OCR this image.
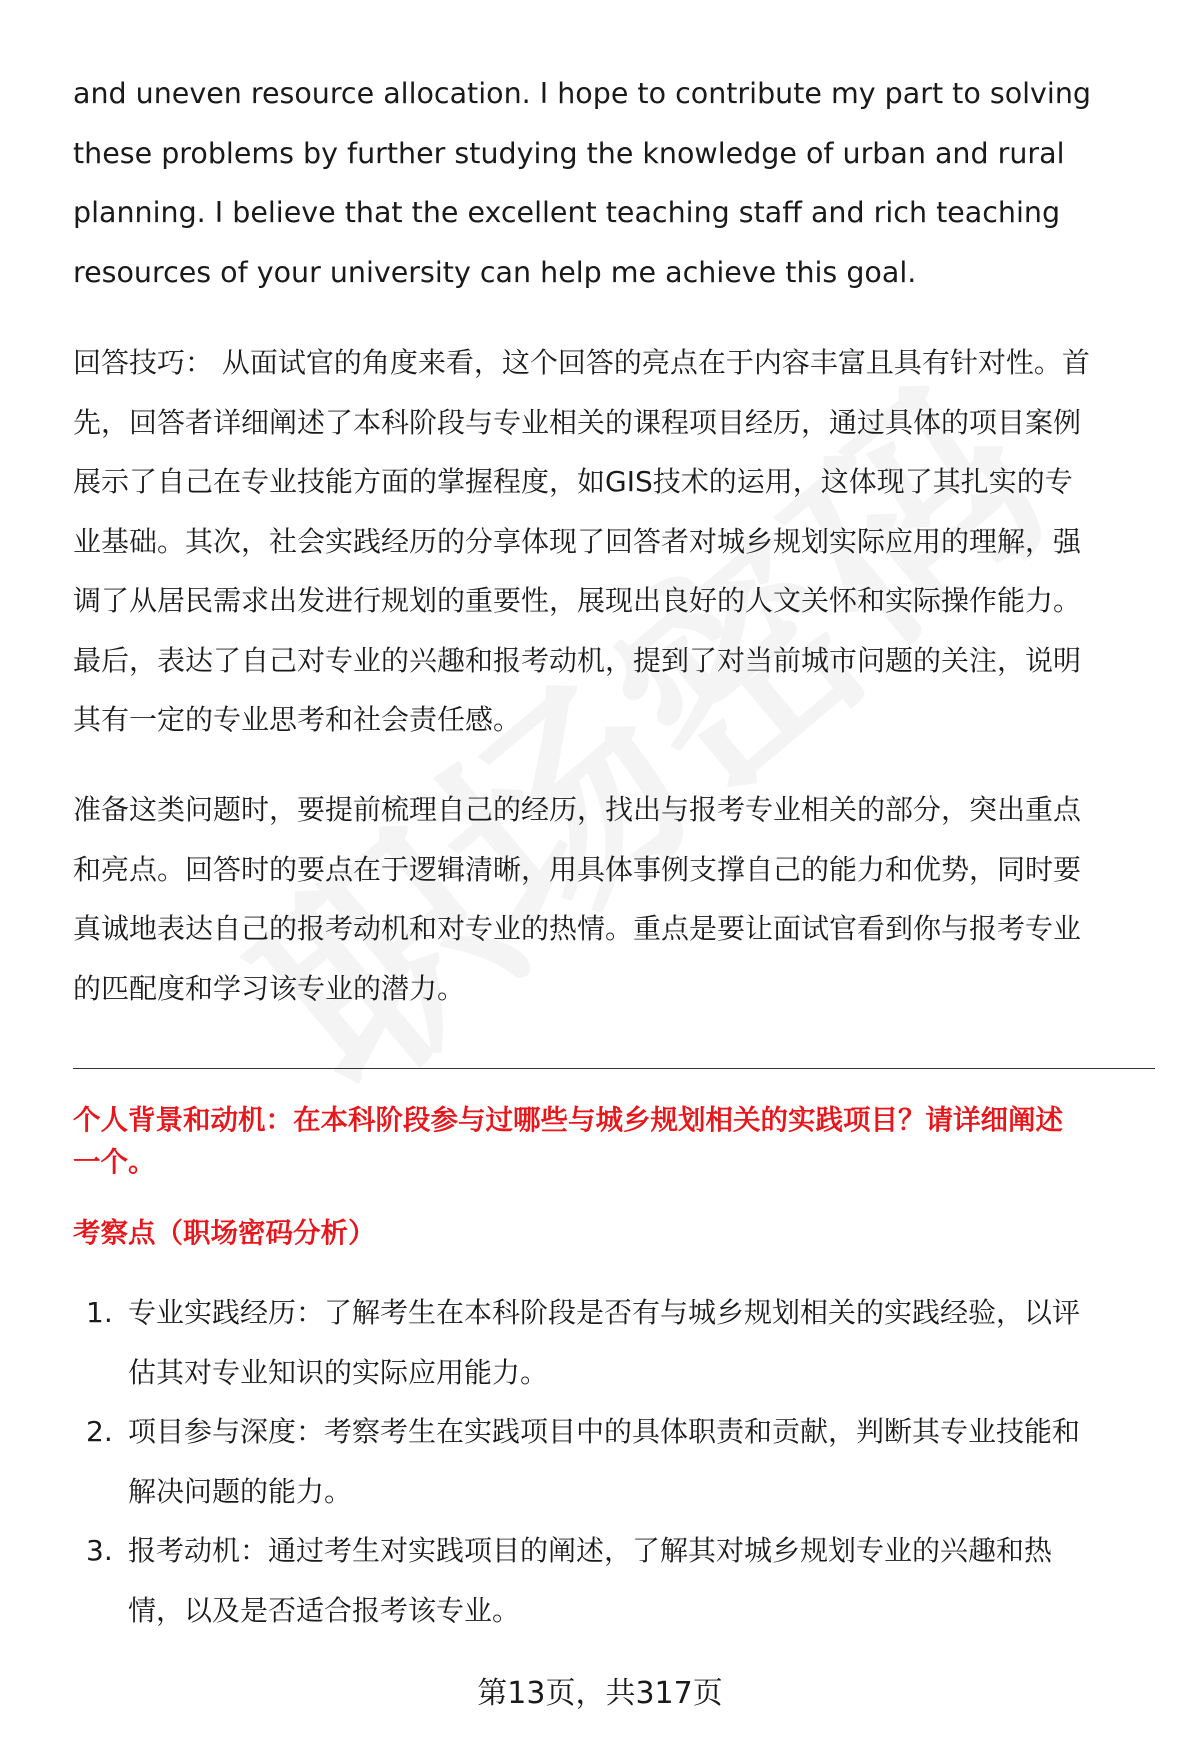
and uneven resource allocation. I hope to contribute my part to solving
these problems by further studying the knowledge of urban and rural
planning. I believe that the excellent teaching staff and rich teaching
resources of your university can help me achieve this goal.
回答技巧： 从面试官的角度来看，这个回答的亮点在于内容丰富且具有针对性。首
先，回答者详细阐述了本科阶段与专业相关的课程项目经历，通过具体的项目案例
展示了自己在专业技能方面的掌握程度，如GIS技术的运用，这体现了其扎实的专
业基础。其次，社会实践经历的分享体现了回答者对城乡规划实际应用的理解，强
调了从居民需求出发进行规划的重要性，展现出良好的人文关怀和实际操作能力。
最后，表达了自己对专业的兴趣和报考动机，提到了对当前城市问题的关注，说明
其有一定的专业思考和社会责任感。
准备这类问题时，要提前梳理自己的经历，找出与报考专业相关的部分，突出重点
和亮点。回答时的要点在于逻辑清晰，用具体事例支撑自己的能力和优势，同时要
真诚地表达自己的报考动机和对专业的热情。重点是要让面试官看到你与报考专业
的匹配度和学习该专业的潜力。
个人背景和动机：在本科阶段参与过哪些与城乡规划相关的实践项目？请详细阐述
一个。
考察点（职场密码分析）
1. 专业实践经历：了解考生在本科阶段是否有与城乡规划相关的实践经验，以评
估其对专业知识的实际应用能力。
2. 项目参与深度：考察考生在实践项目中的具体职责和贡献，判断其专业技能和
解决问题的能力。
3. 报考动机：通过考生对实践项目的阐述，了解其对城乡规划专业的兴趣和热
情，以及是否适合报考该专业。
第13页，共317页
